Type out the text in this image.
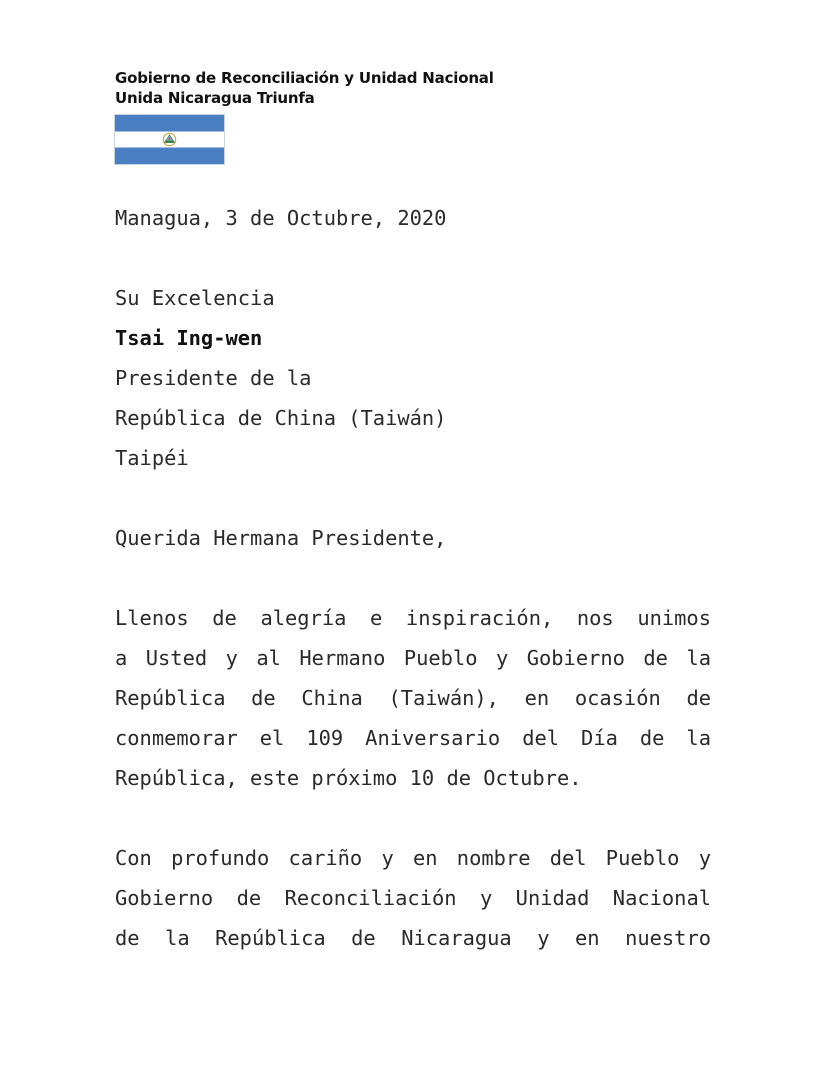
Gobierno de Reconciliación y Unidad Nacional
Unida Nicaragua Triunfa
Managua, 3 de Octubre, 2020
Su Excelencia
Tsai Ing-wen
Presidente de la
República de China (Taiwán)
Taipéi
Querida Hermana Presidente,
Llenos de alegría e inspiración, nos unimos
a Usted y al Hermano Pueblo y Gobierno de la
República de China (Taiwán), en ocasión de
conmemorar el 109 Aniversario del Día de la
República, este próximo 10 de Octubre.
Con profundo cariño y en nombre del Pueblo y
Gobierno de Reconciliación y Unidad Nacional
de la República de Nicaragua y en nuestro
